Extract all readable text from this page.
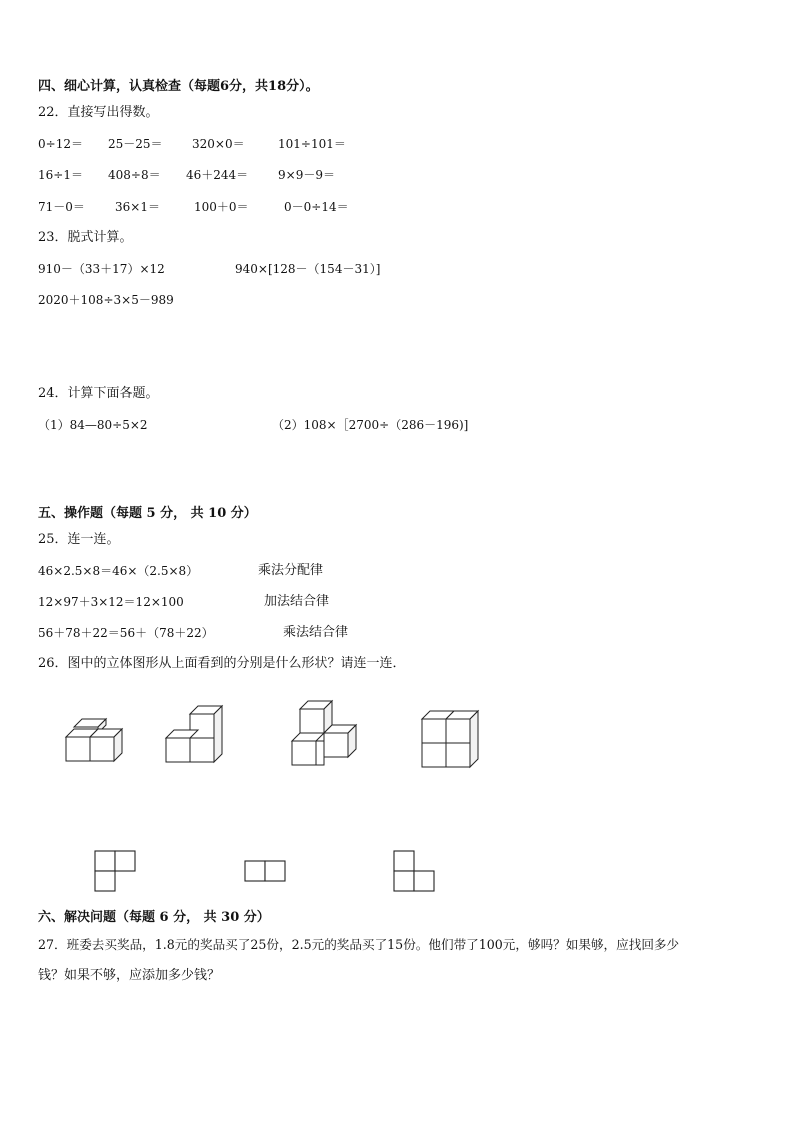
四、细心计算，认真检查（每题6分，共18分）。
22．直接写出得数。
0÷12＝ 25－25＝ 320×0＝	101÷101＝
16÷1＝ 408÷8＝ 46＋244＝ 9×9－9＝
71－0＝	36×1＝	100＋0＝	0－0÷14＝
23．脱式计算。
910－（33＋17）×12	940×[128－（154－31）]
2020＋108÷3×5－989
24．计算下面各题。
（1）84—80÷5×2	（2）108×［2700÷（286－196)]
五、操作题（每题 5 分， 共 10 分）
25．连一连。
46×2.5×8＝46×（2.5×8）	乘法分配律
12×97＋3×12＝12×100	加法结合律
56＋78＋22＝56＋（78＋22）	乘法结合律
26．图中的立体图形从上面看到的分别是什么形状？请连一连．
六、解决问题（每题 6 分， 共 30 分）
27．班委去买奖品，1.8元的奖品买了25份，2.5元的奖品买了15份。他们带了100元，够吗？如果够，应找回多少
钱？如果不够，应添加多少钱？
